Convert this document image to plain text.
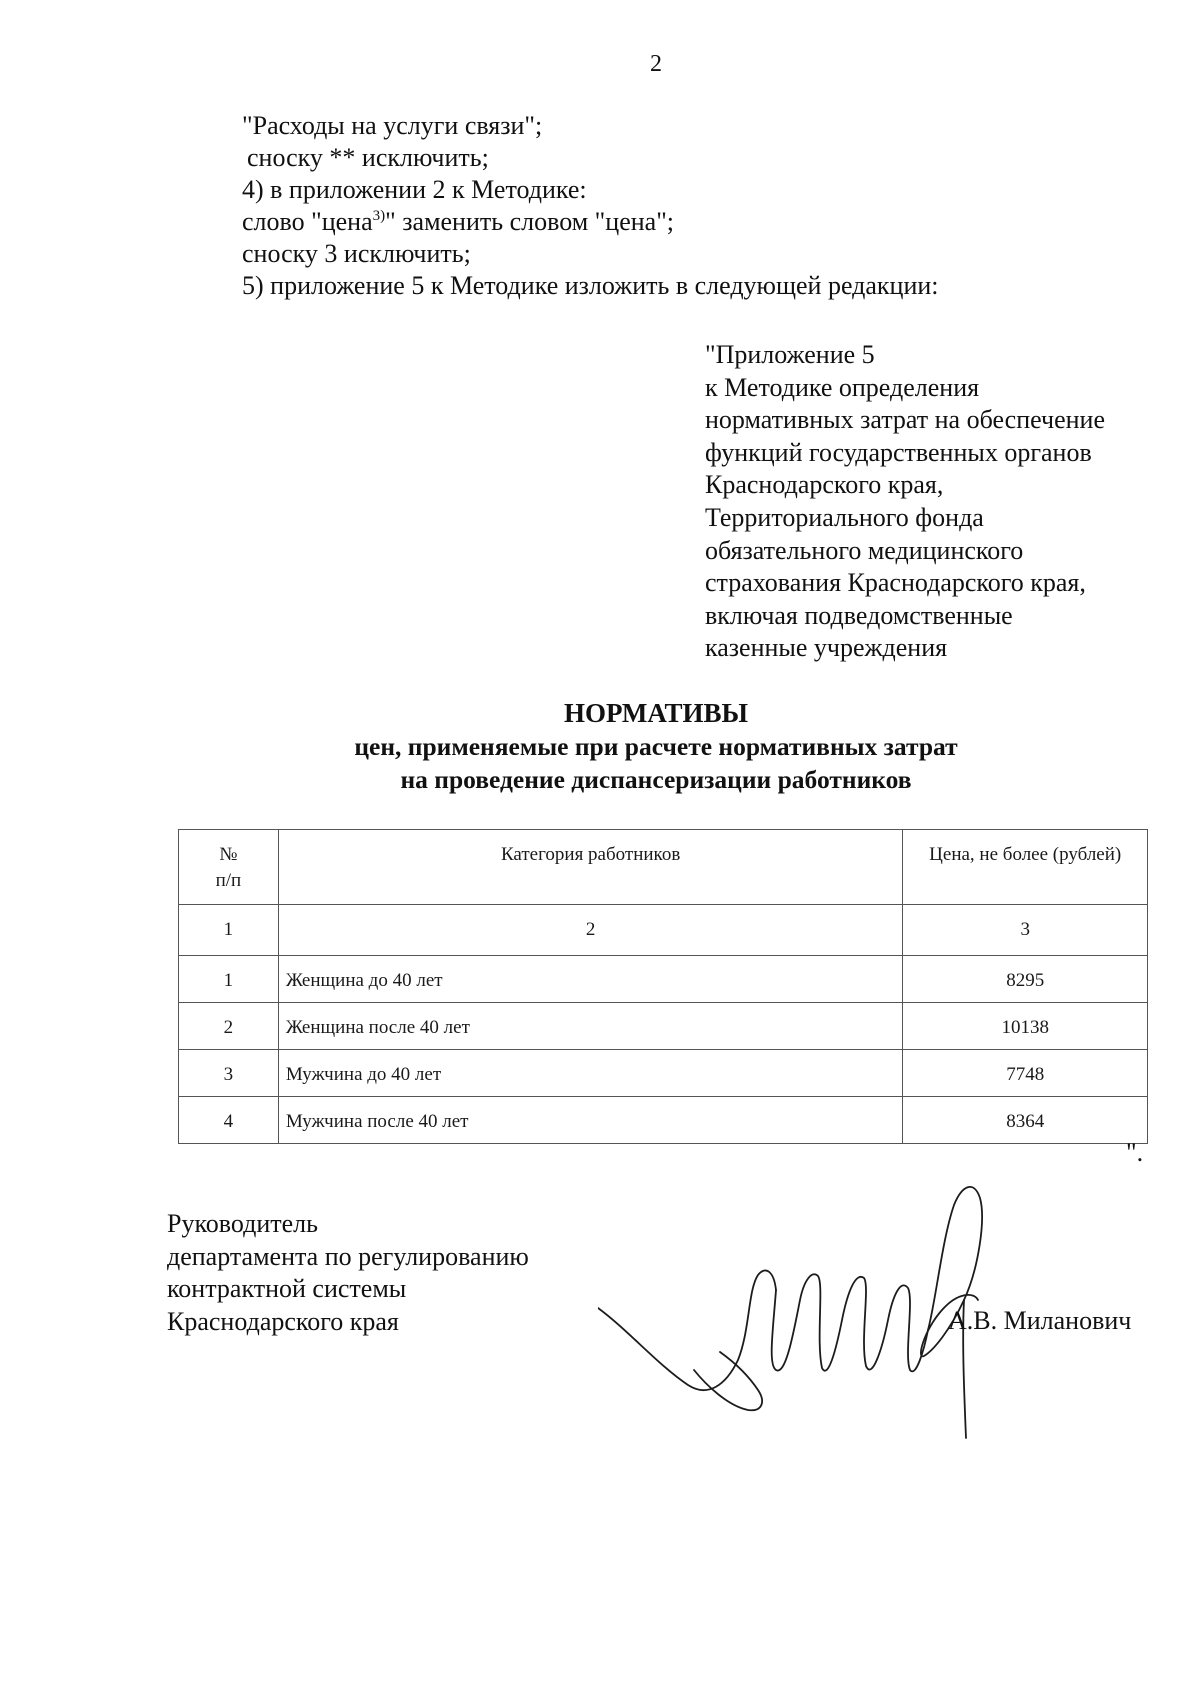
2
"Расходы на услуги связи";
сноску ** исключить;
4) в приложении 2 к Методике:
слово "цена$^{3)}$" заменить словом "цена";
сноску 3 исключить;
5) приложение 5 к Методике изложить в следующей редакции:
"Приложение 5
к Методике определения
нормативных затрат на обеспечение
функций государственных органов
Краснодарского края,
Территориального фонда
обязательного медицинского
страхования Краснодарского края,
включая подведомственные
казенные учреждения
НОРМАТИВЫ
цен, применяемые при расчете нормативных затрат
на проведение диспансеризации работников
№
п/п	Категория работников	Цена, не более (рублей)
1	2	3
1	Женщина до 40 лет	8295
2	Женщина после 40 лет	10138
3	Мужчина до 40 лет	7748
4	Мужчина после 40 лет	8364
".
Руководитель
департамента по регулированию
контрактной системы
Краснодарского края	А.В. Миланович
